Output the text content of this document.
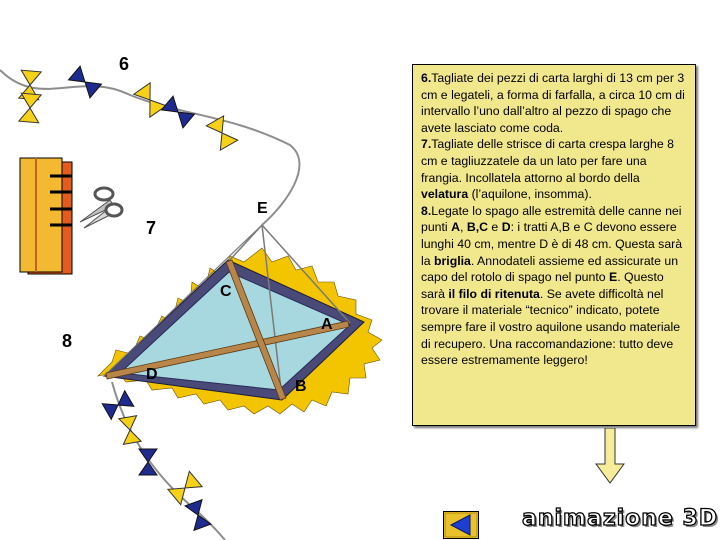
6
7
8
E
C
A
D
B
6.Tagliate dei pezzi di carta larghi di 13 cm per 3 cm e legateli, a forma di farfalla, a circa 10 cm di intervallo l’uno dall’altro al pezzo di spago che avete lasciato come coda.
7.Tagliate delle strisce di carta crespa larghe 8 cm e tagliuzzatele da un lato per fare una frangia. Incollatela attorno al bordo della velatura (l’aquilone, insomma).
8.Legate lo spago alle estremità delle canne nei punti A, B,C e D: i tratti A,B e C devono essere lunghi 40 cm, mentre D è di 48 cm. Questa sarà la briglia. Annodateli assieme ed assicurate un capo del rotolo di spago nel punto E. Questo sarà il filo di ritenuta. Se avete difficoltà nel trovare il materiale “tecnico” indicato, potete sempre fare il vostro aquilone usando materiale di recupero. Una raccomandazione: tutto deve essere estremamente leggero!
animazione 3D
